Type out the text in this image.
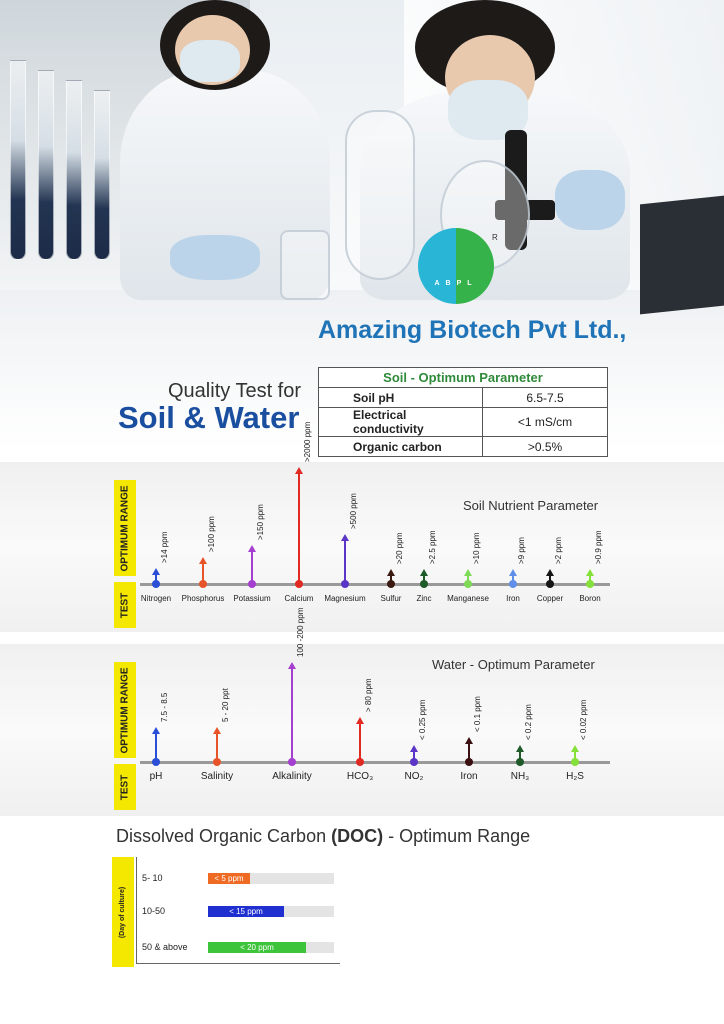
ABPL
R
Amazing Biotech Pvt Ltd.,
Quality Test for
Soil & Water
Soil - Optimum Parameter	
Soil pH	6.5-7.5
Electrical conductivity	<1 mS/cm
Organic carbon	>0.5%
OPTIMUM RANGE
TEST
Soil Nutrient Parameter
>14 ppm
Nitrogen
>100 ppm
Phosphorus
>150 ppm
Potassium
>2000 ppm
Calcium
>500 ppm
Magnesium
>20 ppm
Sulfur
>2.5 ppm
Zinc
>10 ppm
Manganese
>9 ppm
Iron
>2 ppm
Copper
>0.9 ppm
Boron
OPTIMUM RANGE
TEST
Water - Optimum Parameter
7.5 - 8.5
pH
5 - 20 ppt
Salinity
100 -200 ppm
Alkalinity
> 80 ppm
HCO₃
< 0.25 ppm
NO₂
< 0.1 ppm
Iron
< 0.2 ppm
NH₃
< 0.02 ppm
H₂S
Dissolved Organic Carbon (DOC) - Optimum Range
(Day of culture)
5- 10	< 5 ppm
10-50	< 15 ppm
50 & above	< 20 ppm
